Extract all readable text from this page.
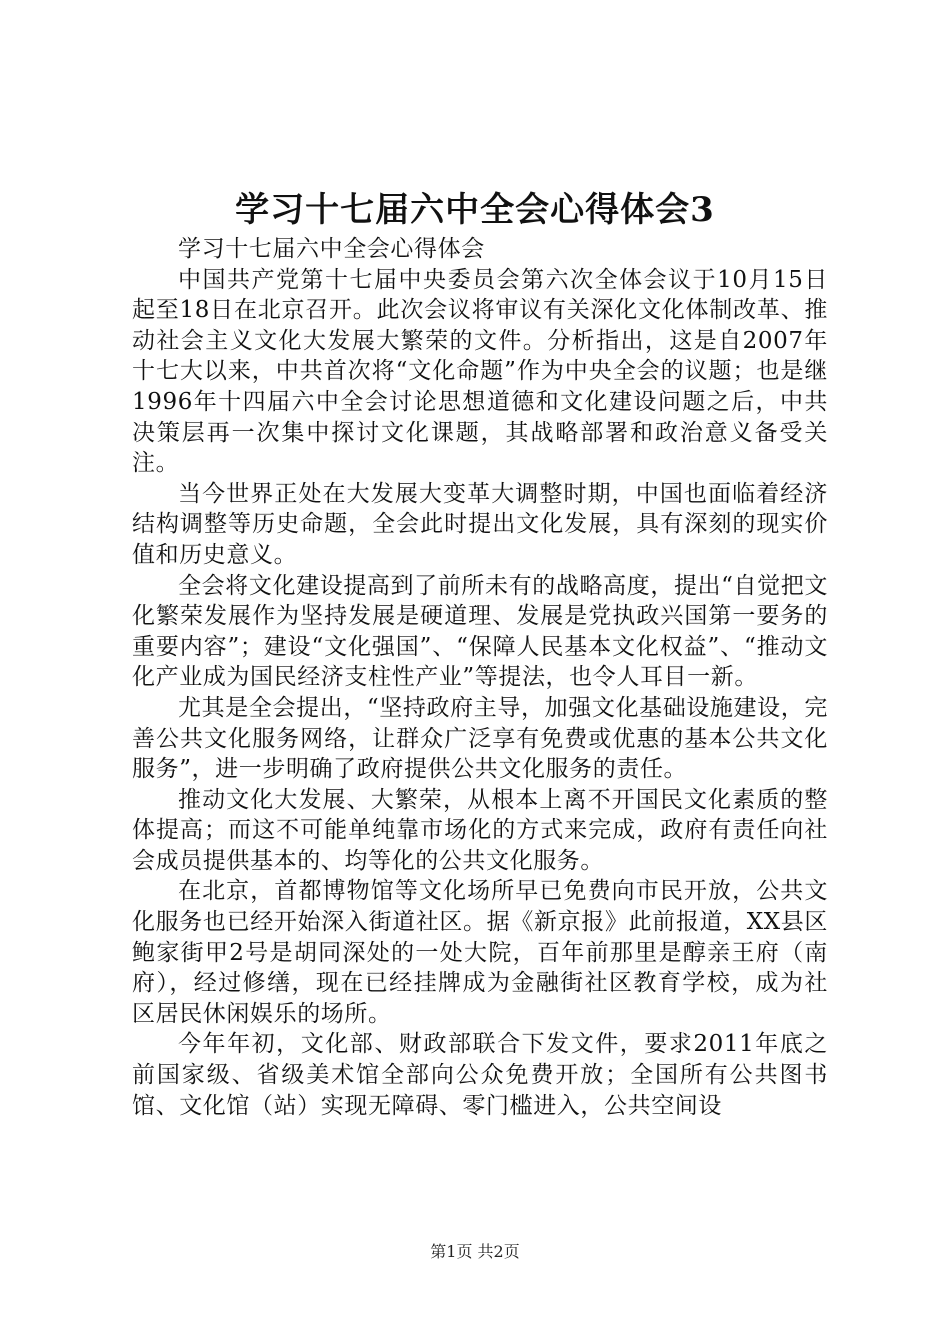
学习十七届六中全会心得体会3

学习十七届六中全会心得体会

中国共产党第十七届中央委员会第六次全体会议于10月15日起至18日在北京召开。此次会议将审议有关深化文化体制改革、推动社会主义文化大发展大繁荣的文件。分析指出，这是自2007年十七大以来，中共首次将“文化命题”作为中央全会的议题；也是继1996年十四届六中全会讨论思想道德和文化建设问题之后，中共决策层再一次集中探讨文化课题，其战略部署和政治意义备受关注。

当今世界正处在大发展大变革大调整时期，中国也面临着经济结构调整等历史命题，全会此时提出文化发展，具有深刻的现实价值和历史意义。

全会将文化建设提高到了前所未有的战略高度，提出“自觉把文化繁荣发展作为坚持发展是硬道理、发展是党执政兴国第一要务的重要内容”；建设“文化强国”、“保障人民基本文化权益”、“推动文化产业成为国民经济支柱性产业”等提法，也令人耳目一新。

尤其是全会提出，“坚持政府主导，加强文化基础设施建设，完善公共文化服务网络，让群众广泛享有免费或优惠的基本公共文化服务”，进一步明确了政府提供公共文化服务的责任。

推动文化大发展、大繁荣，从根本上离不开国民文化素质的整体提高；而这不可能单纯靠市场化的方式来完成，政府有责任向社会成员提供基本的、均等化的公共文化服务。

在北京，首都博物馆等文化场所早已免费向市民开放，公共文化服务也已经开始深入街道社区。据《新京报》此前报道，XX县区鲍家街甲2号是胡同深处的一处大院，百年前那里是醇亲王府（南府），经过修缮，现在已经挂牌成为金融街社区教育学校，成为社区居民休闲娱乐的场所。

今年年初，文化部、财政部联合下发文件，要求2011年底之前国家级、省级美术馆全部向公众免费开放；全国所有公共图书馆、文化馆（站）实现无障碍、零门槛进入，公共空间设

第1页 共2页
